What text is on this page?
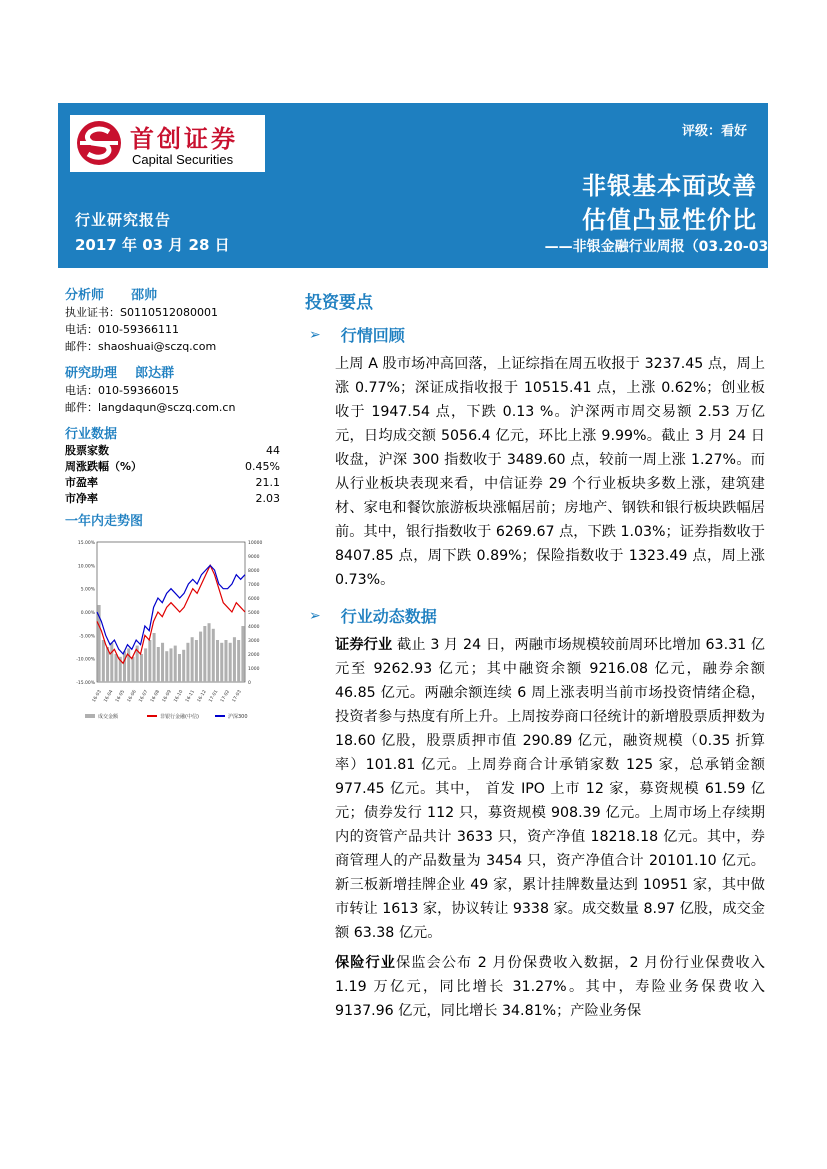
首创证券
Capital Securities
评级：看好
非银基本面改善
估值凸显性价比
——非银金融行业周报（03.20-03.26）
行业研究报告
2017 年 03 月 28 日
分析师 邵帅
执业证书：S0110512080001
电话：010-59366111
邮件：shaoshuai@sczq.com
研究助理 郎达群
电话：010-59366015
邮件：langdaqun@sczq.com.cn
行业数据
股票家数	44
周涨跌幅（%）	0.45%
市盈率	21.1
市净率	2.03
一年内走势图
15.00%
10.00%
5.00%
0.00%
-5.00%
-10.00%
-15.00%
10000
9000
8000
7000
6000
5000
4000
3000
2000
1000
0
16-03 16-04 16-05 16-06 16-07 16-08 16-09 16-10 16-11 16-12 17-01 17-02 17-03
成交金额	非银行金融(中信)	沪深300
投资要点
➢ 行情回顾
上周 A 股市场冲高回落，上证综指在周五收报于 3237.45 点，周上涨 0.77%；深证成指收报于 10515.41 点，上涨 0.62%；创业板收于 1947.54 点，下跌 0.13 %。沪深两市周交易额 2.53 万亿元，日均成交额 5056.4 亿元，环比上涨 9.99%。截止 3 月 24 日收盘，沪深 300 指数收于 3489.60 点，较前一周上涨 1.27%。而从行业板块表现来看，中信证券 29 个行业板块多数上涨，建筑建材、家电和餐饮旅游板块涨幅居前；房地产、钢铁和银行板块跌幅居前。其中，银行指数收于 6269.67 点，下跌 1.03%；证券指数收于 8407.85 点，周下跌 0.89%；保险指数收于 1323.49 点，周上涨 0.73%。
➢ 行业动态数据
证券行业 截止 3 月 24 日，两融市场规模较前周环比增加 63.31 亿元至 9262.93 亿元；其中融资余额 9216.08 亿元，融券余额 46.85 亿元。两融余额连续 6 周上涨表明当前市场投资情绪企稳，投资者参与热度有所上升。上周按券商口径统计的新增股票质押数为 18.60 亿股，股票质押市值 290.89 亿元，融资规模（0.35 折算率）101.81 亿元。上周券商合计承销家数 125 家，总承销金额 977.45 亿元。其中， 首发 IPO 上市 12 家，募资规模 61.59 亿元；债券发行 112 只，募资规模 908.39 亿元。上周市场上存续期内的资管产品共计 3633 只，资产净值 18218.18 亿元。其中，券商管理人的产品数量为 3454 只，资产净值合计 20101.10 亿元。新三板新增挂牌企业 49 家，累计挂牌数量达到 10951 家，其中做市转让 1613 家，协议转让 9338 家。成交数量 8.97 亿股，成交金额 63.38 亿元。
保险行业保监会公布 2 月份保费收入数据，2 月份行业保费收入 1.19 万亿元，同比增长 31.27%。其中，寿险业务保费收入 9137.96 亿元，同比增长 34.81%；产险业务保
